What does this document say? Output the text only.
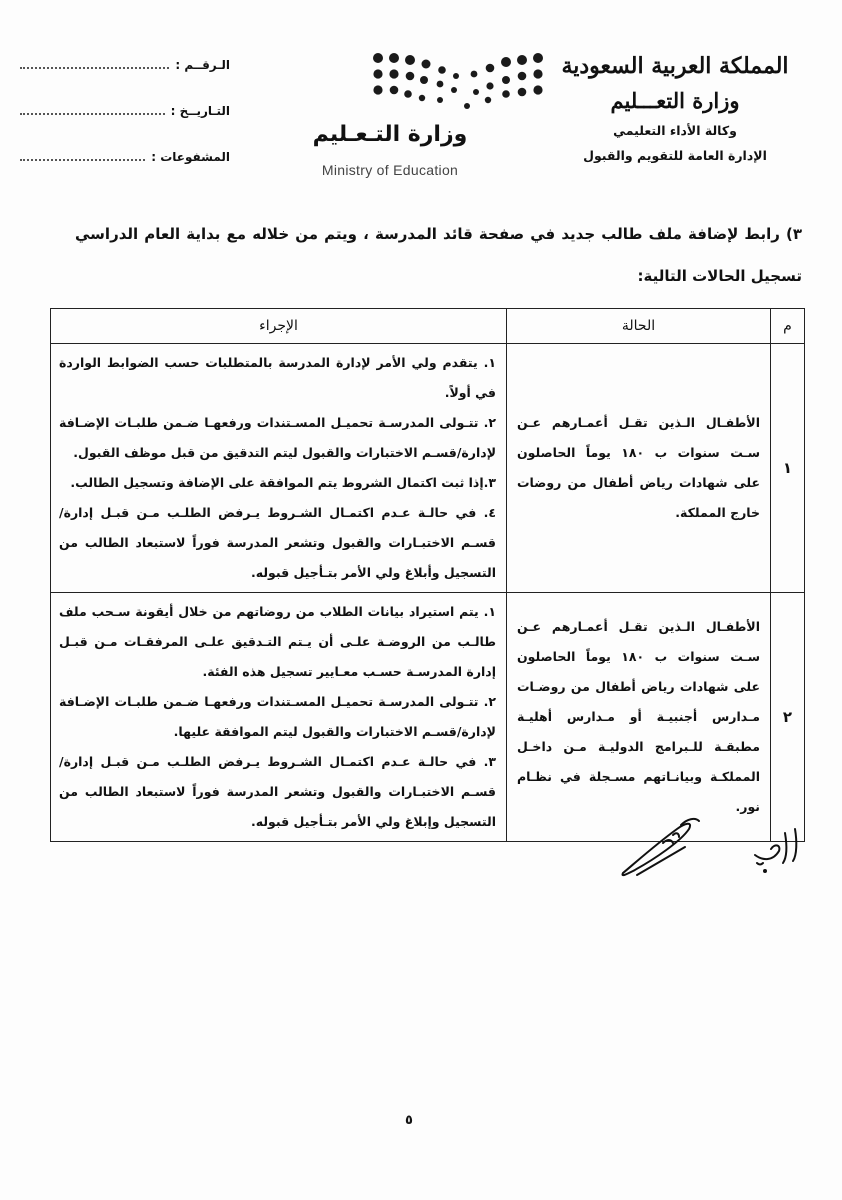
المملكة العربية السعودية
وزارة التعـــليم
وكالة الأداء التعليمي
الإدارة العامة للتقويم والقبول
وزارة التـعـليم
Ministry of Education
الـرقــم :
التـاريــخ :
المشفوعات :
٣) رابط لإضافة ملف طالب جديد في صفحة قائد المدرسة ، ويتم من خلاله مع بداية العام الدراسي تسجيل الحالات التالية:
م	الحالة	الإجراء
١	الأطفـال الـذين تقـل أعمـارهم عـن سـت سنوات ب ١٨٠ يوماً الحاصلون على شهادات رياض أطفال من روضات خارج المملكة.	
١. يتقدم ولي الأمر لإدارة المدرسة بالمتطلبات حسب الضوابط الواردة في أولاً.
٢. تتـولى المدرسـة تحميـل المسـتندات ورفعهـا ضـمن طلبـات الإضـافة لإدارة/قسـم الاختبارات والقبول ليتم التدقيق من قبل موظف القبول.
٣.إذا ثبت اكتمال الشروط يتم الموافقة على الإضافة وتسجيل الطالب.
٤. في حالـة عـدم اكتمـال الشـروط يـرفض الطلـب مـن قبـل إدارة/قسـم الاختبـارات والقبول وتشعر المدرسة فوراً لاستبعاد الطالب من التسجيل وأبلاغ ولي الأمر بتـأجيل قبوله.

٢	الأطفـال الـذين تقـل أعمـارهم عـن سـت سنوات ب ١٨٠ يوماً الحاصلون على شهادات رياض أطفال من روضـات مـدارس أجنبيـة أو مـدارس أهليـة مطبقـة للـبرامج الدوليـة مـن داخـل المملكـة وبيانـاتهم مسـجلة في نظـام نور.	
١. يتم استيراد بيانات الطلاب من روضاتهم من خلال أيقونة سـحب ملف طالـب من الروضـة علـى أن يـتم التـدقيق علـى المرفقـات مـن قبـل إدارة المدرسـة حسـب معـايير تسجيل هذه الفئة.
٢. تتـولى المدرسـة تحميـل المسـتندات ورفعهـا ضـمن طلبـات الإضـافة لإدارة/قسـم الاختبارات والقبول ليتم الموافقة عليها.
٣. في حالـة عـدم اكتمـال الشـروط يـرفض الطلـب مـن قبـل إدارة/قسـم الاختبـارات والقبول وتشعر المدرسة فوراً لاستبعاد الطالب من التسجيل وإبلاغ ولي الأمر بتـأجيل قبوله.
٥
